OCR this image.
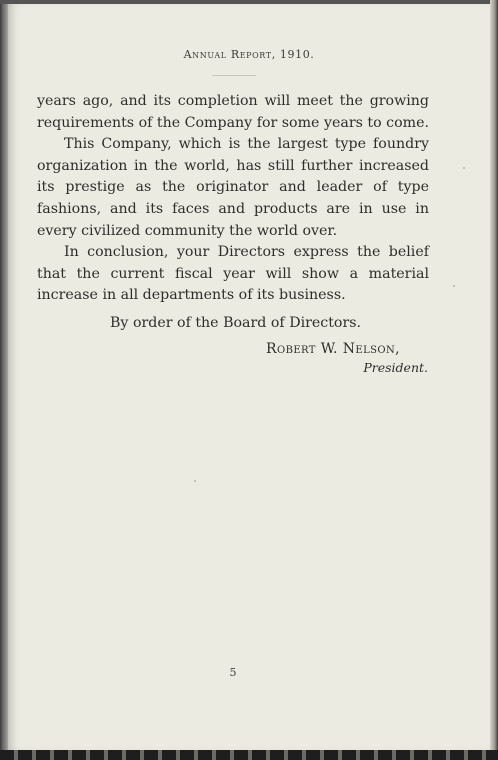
Annual Report, 1910.

years ago, and its completion will meet the growing requirements of the Company for some years to come.

This Company, which is the largest type foundry organization in the world, has still further increased its prestige as the originator and leader of type fashions, and its faces and products are in use in every civilized community the world over.

In conclusion, your Directors express the belief that the current fiscal year will show a material increase in all departments of its business.

By order of the Board of Directors.
Robert W. Nelson,
President.
5
